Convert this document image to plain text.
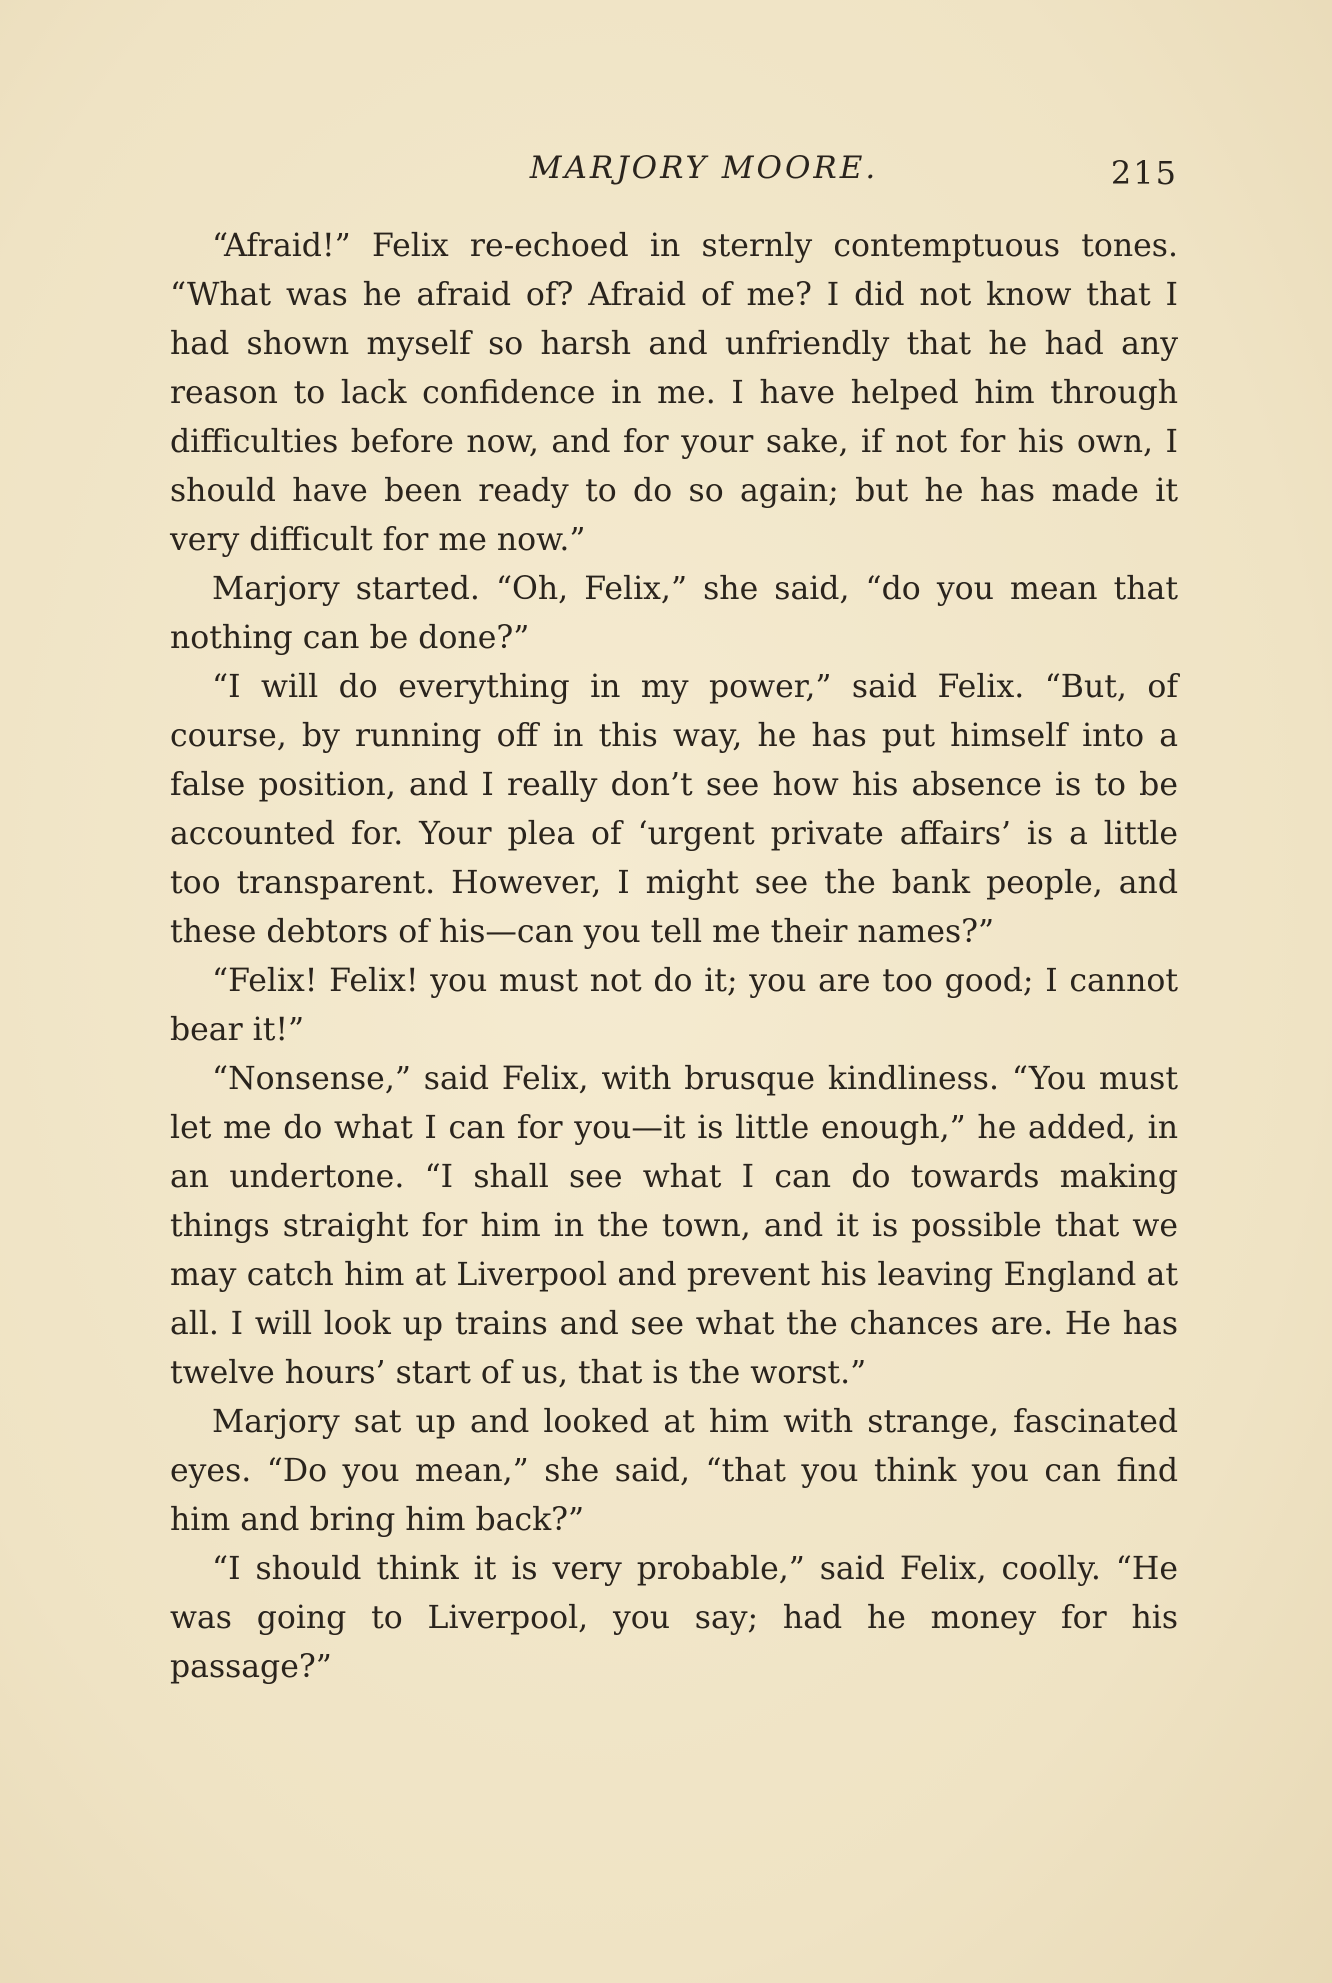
MARJORY MOORE.	215

“Afraid!” Felix re-echoed in sternly contemptuous tones. “What was he afraid of? Afraid of me? I did not know that I had shown myself so harsh and unfriendly that he had any reason to lack confidence in me. I have helped him through difficulties before now, and for your sake, if not for his own, I should have been ready to do so again; but he has made it very difficult for me now.”

Marjory started. “Oh, Felix,” she said, “do you mean that nothing can be done?”

“I will do everything in my power,” said Felix. “But, of course, by running off in this way, he has put himself into a false position, and I really don’t see how his absence is to be accounted for. Your plea of ‘urgent private affairs’ is a little too transparent. However, I might see the bank people, and these debtors of his—can you tell me their names?”

“Felix! Felix! you must not do it; you are too good; I cannot bear it!”

“Nonsense,” said Felix, with brusque kindliness. “You must let me do what I can for you—it is little enough,” he added, in an undertone. “I shall see what I can do towards making things straight for him in the town, and it is possible that we may catch him at Liverpool and prevent his leaving England at all. I will look up trains and see what the chances are. He has twelve hours’ start of us, that is the worst.”

Marjory sat up and looked at him with strange, fascinated eyes. “Do you mean,” she said, “that you think you can find him and bring him back?”

“I should think it is very probable,” said Felix, coolly. “He was going to Liverpool, you say; had he money for his passage?”
